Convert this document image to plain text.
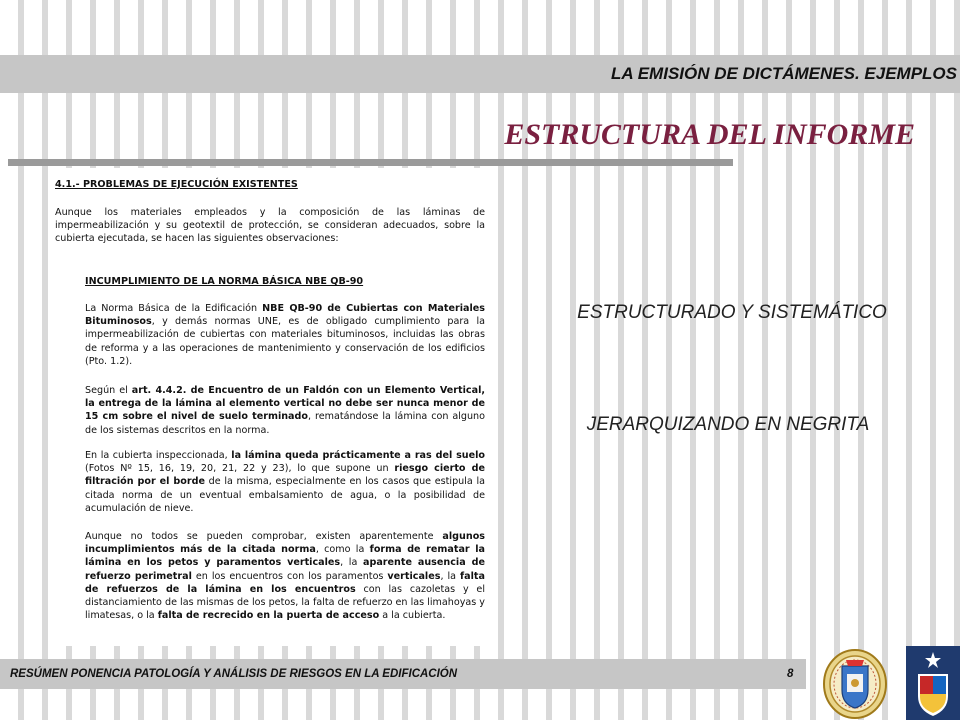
LA EMISIÓN DE DICTÁMENES. EJEMPLOS
ESTRUCTURA DEL INFORME
4.1.- PROBLEMAS DE EJECUCIÓN EXISTENTES
Aunque los materiales empleados y la composición de las láminas de impermeabilización y su geotextil de protección, se consideran adecuados, sobre la cubierta ejecutada, se hacen las siguientes observaciones:
INCUMPLIMIENTO DE LA NORMA BÁSICA NBE QB-90

La Norma Básica de la Edificación NBE QB-90 de Cubiertas con Materiales Bituminosos, y demás normas UNE, es de obligado cumplimiento para la impermeabilización de cubiertas con materiales bituminosos, incluidas las obras de reforma y a las operaciones de mantenimiento y conservación de los edificios (Pto. 1.2).

Según el art. 4.4.2. de Encuentro de un Faldón con un Elemento Vertical, la entrega de la lámina al elemento vertical no debe ser nunca menor de 15 cm sobre el nivel de suelo terminado, rematándose la lámina con alguno de los sistemas descritos en la norma.

En la cubierta inspeccionada, la lámina queda prácticamente a ras del suelo (Fotos Nº 15, 16, 19, 20, 21, 22 y 23), lo que supone un riesgo cierto de filtración por el borde de la misma, especialmente en los casos que estipula la citada norma de un eventual embalsamiento de agua, o la posibilidad de acumulación de nieve.

Aunque no todos se pueden comprobar, existen aparentemente algunos incumplimientos más de la citada norma, como la forma de rematar la lámina en los petos y paramentos verticales, la aparente ausencia de refuerzo perimetral en los encuentros con los paramentos verticales, la falta de refuerzos de la lámina en los encuentros con las cazoletas y el distanciamiento de las mismas de los petos, la falta de refuerzo en las limahoyas y limatesas, o la falta de recrecido en la puerta de acceso a la cubierta.

ESTRUCTURADO Y SISTEMÁTICO
JERARQUIZANDO EN NEGRITA
RESÚMEN PONENCIA PATOLOGÍA Y ANÁLISIS DE RIESGOS EN LA EDIFICACIÓN	8
